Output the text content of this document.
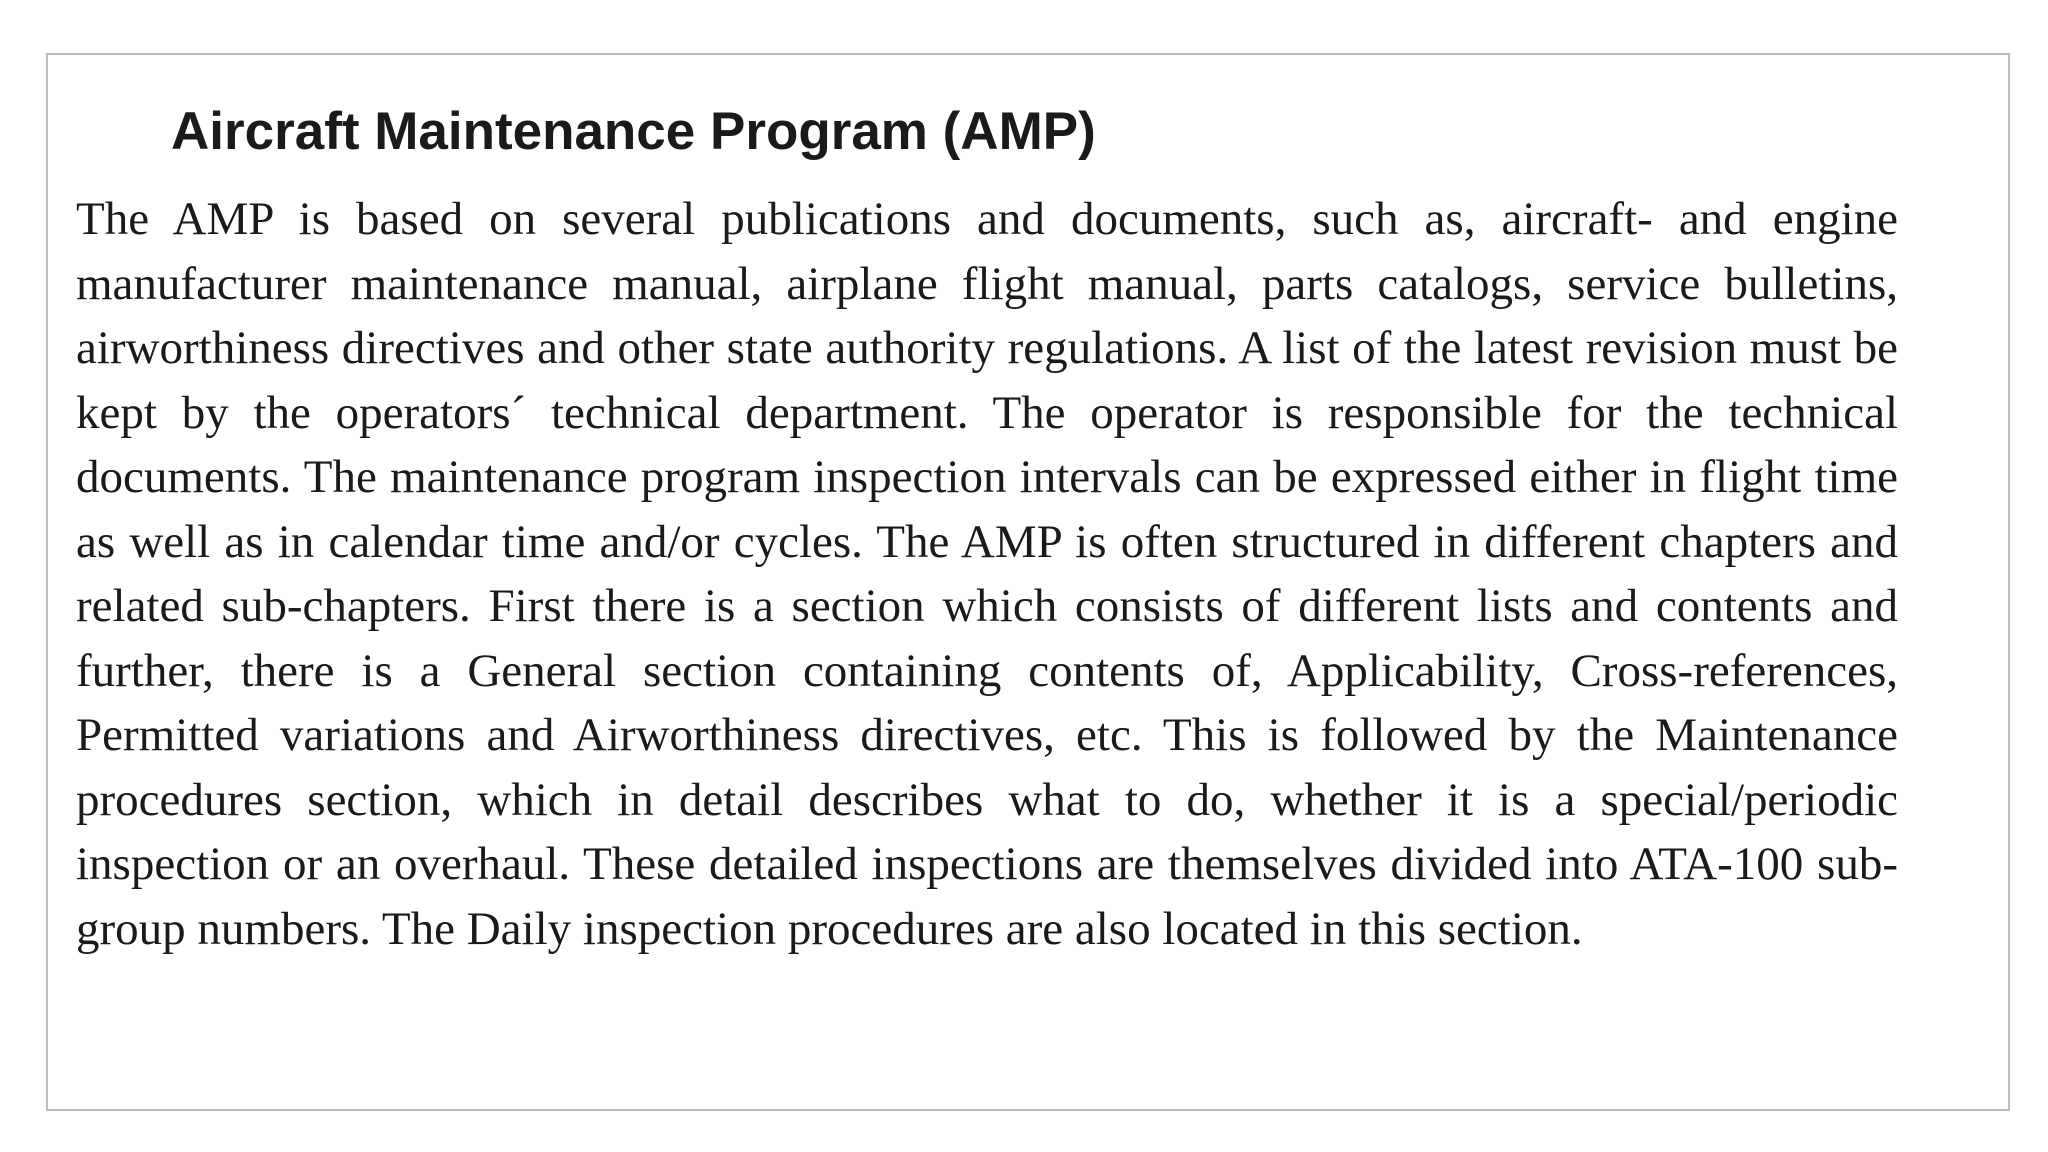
Aircraft Maintenance Program (AMP)

The AMP is based on several publications and documents, such as, aircraft- and engine manufacturer maintenance manual, airplane flight manual, parts catalogs, service bulletins, airworthiness directives and other state authority regulations. A list of the latest revision must be kept by the operators´ technical department. The operator is responsible for the technical documents. The maintenance program inspection intervals can be expressed either in flight time as well as in calendar time and/or cycles. The AMP is often structured in different chapters and related sub-chapters. First there is a section which consists of different lists and contents and further, there is a General section containing contents of, Applicability, Cross-references, Permitted variations and Airworthiness directives, etc. This is followed by the Maintenance procedures section, which in detail describes what to do, whether it is a special/periodic inspection or an overhaul. These detailed inspections are themselves divided into ATA-100 sub-group numbers. The Daily inspection procedures are also located in this section.
